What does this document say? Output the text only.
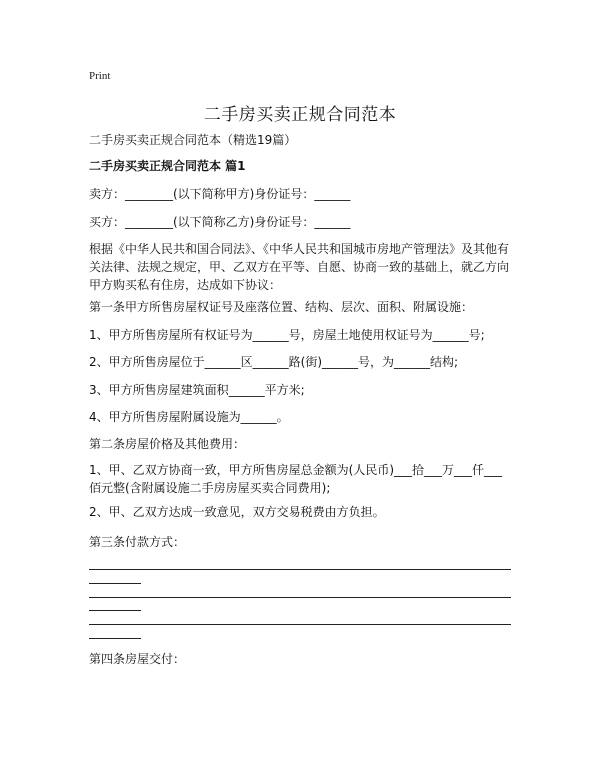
Print
二手房买卖正规合同范本
二手房买卖正规合同范本（精选19篇）
二手房买卖正规合同范本 篇1
卖方：________(以下简称甲方)身份证号：______
买方：________(以下简称乙方)身份证号：______
根据《中华人民共和国合同法》、《中华人民共和国城市房地产管理法》及其他有关法律、法规之规定，甲、乙双方在平等、自愿、协商一致的基础上，就乙方向甲方购买私有住房，达成如下协议：
第一条甲方所售房屋权证号及座落位置、结构、层次、面积、附属设施：
1、甲方所售房屋所有权证号为______号，房屋土地使用权证号为______号;
2、甲方所售房屋位于______区______路(街)______号，为______结构;
3、甲方所售房屋建筑面积______平方米;
4、甲方所售房屋附属设施为______。
第二条房屋价格及其他费用：
1、甲、乙双方协商一致，甲方所售房屋总金额为(人民币)___拾___万___仟___佰元整(含附属设施二手房房屋买卖合同费用);
2、甲、乙双方达成一致意见，双方交易税费由方负担。
第三条付款方式：
第四条房屋交付：
